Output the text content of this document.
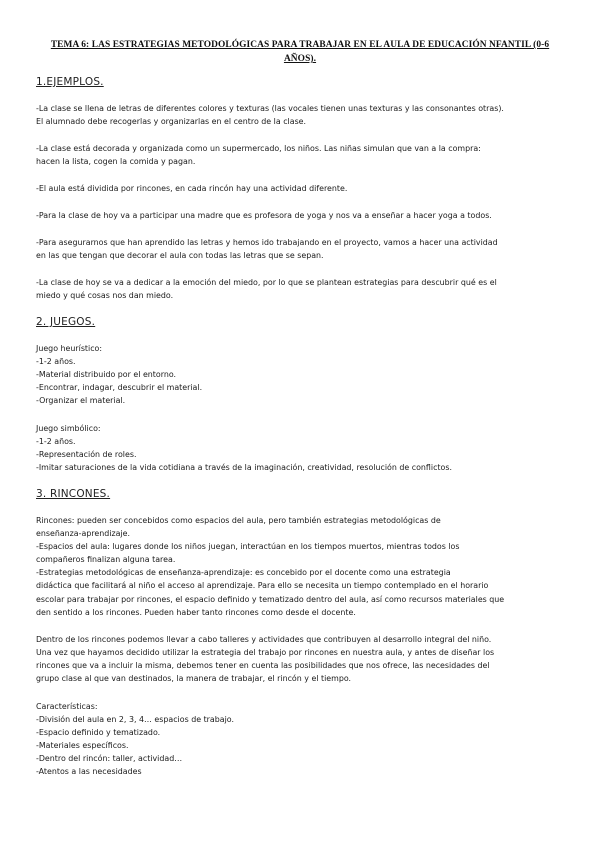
TEMA 6: LAS ESTRATEGIAS METODOLÓGICAS PARA TRABAJAR EN EL AULA DE EDUCACIÓN NFANTIL (0-6
AÑOS).
1.EJEMPLOS.
-La clase se llena de letras de diferentes colores y texturas (las vocales tienen unas texturas y las consonantes otras).
El alumnado debe recogerlas y organizarlas en el centro de la clase.
-La clase está decorada y organizada como un supermercado, los niños. Las niñas simulan que van a la compra:
hacen la lista, cogen la comida y pagan.
-El aula está dividida por rincones, en cada rincón hay una actividad diferente.
-Para la clase de hoy va a participar una madre que es profesora de yoga y nos va a enseñar a hacer yoga a todos.
-Para asegurarnos que han aprendido las letras y hemos ido trabajando en el proyecto, vamos a hacer una actividad
en las que tengan que decorar el aula con todas las letras que se sepan.
-La clase de hoy se va a dedicar a la emoción del miedo, por lo que se plantean estrategias para descubrir qué es el
miedo y qué cosas nos dan miedo.
2. JUEGOS.
Juego heurístico:
-1-2 años.
-Material distribuido por el entorno.
-Encontrar, indagar, descubrir el material.
-Organizar el material.
Juego simbólico:
-1-2 años.
-Representación de roles.
-Imitar saturaciones de la vida cotidiana a través de la imaginación, creatividad, resolución de conflictos.
3. RINCONES.
Rincones: pueden ser concebidos como espacios del aula, pero también estrategias metodológicas de
enseñanza-aprendizaje.
-Espacios del aula: lugares donde los niños juegan, interactúan en los tiempos muertos, mientras todos los
compañeros finalizan alguna tarea.
-Estrategias metodológicas de enseñanza-aprendizaje: es concebido por el docente como una estrategia
didáctica que facilitará al niño el acceso al aprendizaje. Para ello se necesita un tiempo contemplado en el horario
escolar para trabajar por rincones, el espacio definido y tematizado dentro del aula, así como recursos materiales que
den sentido a los rincones. Pueden haber tanto rincones como desde el docente.
Dentro de los rincones podemos llevar a cabo talleres y actividades que contribuyen al desarrollo integral del niño.
Una vez que hayamos decidido utilizar la estrategia del trabajo por rincones en nuestra aula, y antes de diseñar los
rincones que va a incluir la misma, debemos tener en cuenta las posibilidades que nos ofrece, las necesidades del
grupo clase al que van destinados, la manera de trabajar, el rincón y el tiempo.
Características:
-División del aula en 2, 3, 4… espacios de trabajo.
-Espacio definido y tematizado.
-Materiales específicos.
-Dentro del rincón: taller, actividad…
-Atentos a las necesidades
